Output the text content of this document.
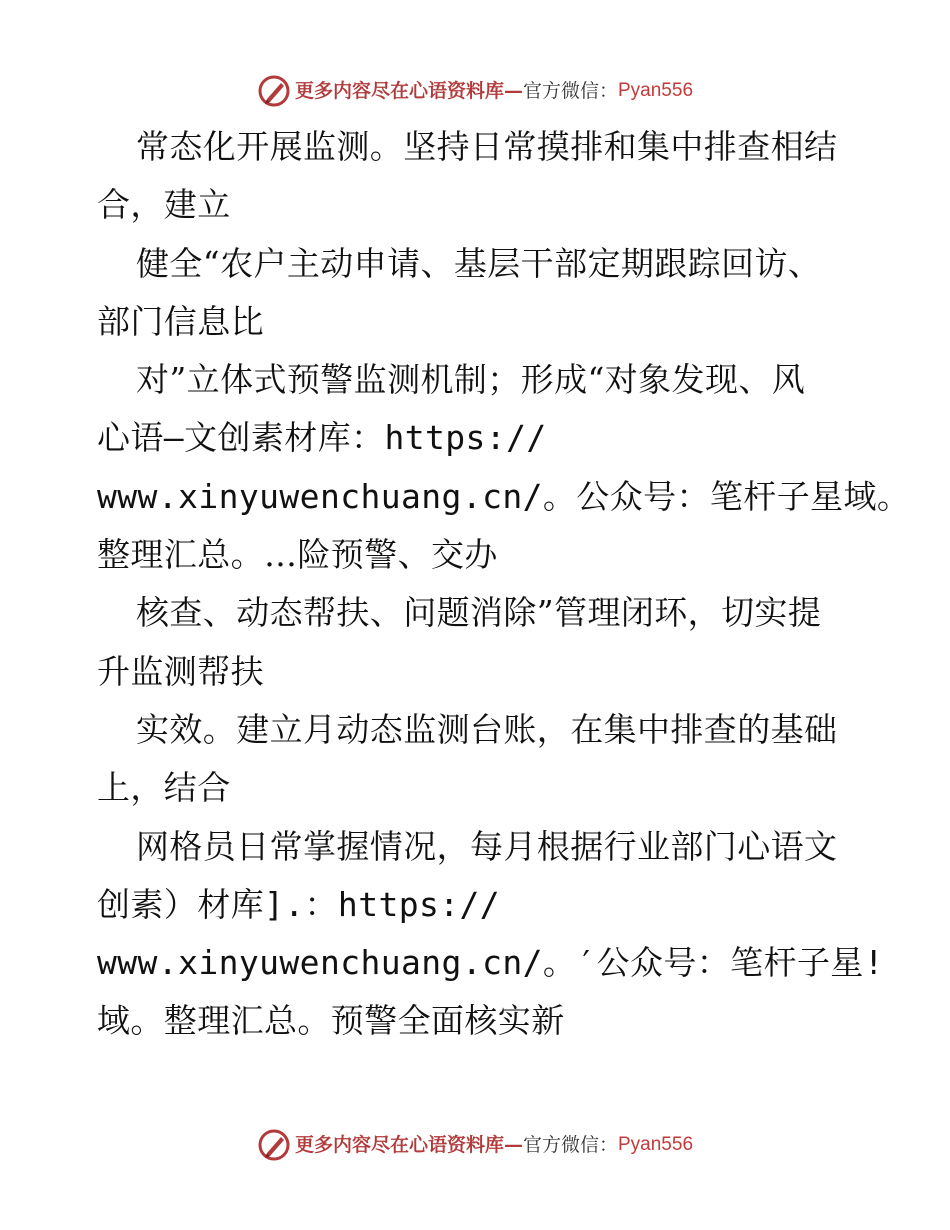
更多内容尽在心语资料库— 官方微信： Pyan556
常态化开展监测。坚持日常摸排和集中排查相结
合，建立
健全“农户主动申请、基层干部定期跟踪回访、
部门信息比
对”立体式预警监测机制；形成“对象发现、风
心语—文创素材库：https://
www.xinyuwenchuang.cn/。公众号：笔杆子星域。
整理汇总。…险预警、交办
核查、动态帮扶、问题消除”管理闭环，切实提
升监测帮扶
实效。建立月动态监测台账，在集中排查的基础
上，结合
网格员日常掌握情况，每月根据行业部门心语文
创素）材库].：https://
www.xinyuwenchuang.cn/。′公众号：笔杆子星!
域。整理汇总。预警全面核实新
更多内容尽在心语资料库— 官方微信： Pyan556
